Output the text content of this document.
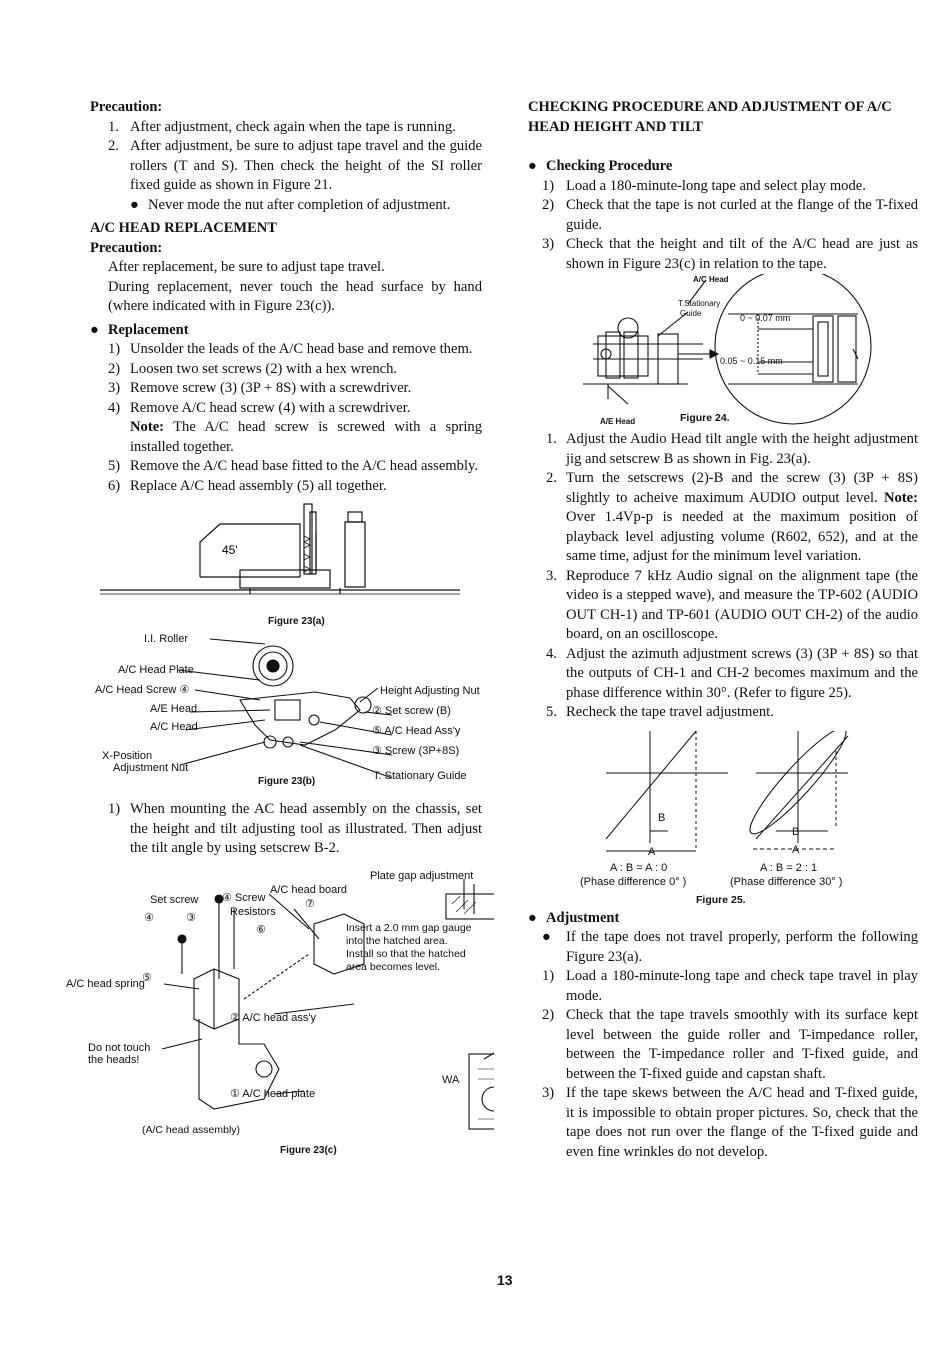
Precaution:

1. After adjustment, check again when the tape is running.
2. After adjustment, be sure to adjust tape travel and the guide rollers (T and S). Then check the height of the SI roller fixed guide as shown in Figure 21.
● Never mode the nut after completion of adjustment.

A/C HEAD REPLACEMENT

Precaution:

After replacement, be sure to adjust tape travel.

During replacement, never touch the head surface by hand (where indicated with in Figure 23(c)).

● Replacement
1) Unsolder the leads of the A/C head base and remove them.
2) Loosen two set screws (2) with a hex wrench.
3) Remove screw (3) (3P + 8S) with a screwdriver.
4) Remove A/C head screw (4) with a screwdriver.
Note: The A/C head screw is screwed with a spring installed together.
5) Remove the A/C head base fitted to the A/C head assembly.
6) Replace A/C head assembly (5) all together.
45'
Figure 23(a)
I.I. Roller
A/C Head Plate
A/C Head Screw ④
A/E Head
A/C Head
X-Position
Adjustment Nut
Height Adjusting Nut
② Set screw (B)
⑤ A/C Head Ass'y
③ Screw (3P+8S)
T. Stationary Guide
Figure 23(b)
1) When mounting the AC head assembly on the chassis, set the height and tilt adjusting tool as illustrated. Then adjust the tilt angle by using setscrew B-2.
A/C head board
Plate gap adjustment
Set screw ④ Screw
Resistors
⑦
④	③
⑥
⑤
Insert a 2.0 mm gap gauge
into the hatched area.
Install so that the hatched
area becomes level.
A/C head spring
② A/C head ass'y
Do not touch
the heads!
① A/C head plate
WA
(A/C head assembly)
Figure 23(c)

CHECKING PROCEDURE AND ADJUSTMENT OF A/C

HEAD HEIGHT AND TILT

● Checking Procedure
1) Load a 180-minute-long tape and select play mode.
2) Check that the tape is not curled at the flange of the T-fixed guide.
3) Check that the height and tilt of the A/C head are just as shown in Figure 23(c) in relation to the tape.
A/C Head
T.Stationary
Guide	0 ~ 0.07 mm
0.05 ~ 0.15 mm
A/E Head	Figure 24.
1. Adjust the Audio Head tilt angle with the height adjustment jig and setscrew B as shown in Fig. 23(a).
2. Turn the setscrews (2)-B and the screw (3) (3P + 8S) slightly to acheive maximum AUDIO output level. Note: Over 1.4Vp-p is needed at the maximum position of playback level adjusting volume (R602, 652), and at the same time, adjust for the minimum level variation.
3. Reproduce 7 kHz Audio signal on the alignment tape (the video is a stepped wave), and measure the TP-602 (AUDIO OUT CH-1) and TP-601 (AUDIO OUT CH-2) of the audio board, on an oscilloscope.
4. Adjust the azimuth adjustment screws (3) (3P + 8S) so that the outputs of CH-1 and CH-2 becomes maximum and the phase difference within 30°. (Refer to figure 25).
5. Recheck the tape travel adjustment.
B
A
B
A
A : B = A : 0
(Phase difference 0° )
A : B = 2 : 1
(Phase difference 30° )
Figure 25.
● Adjustment
● If the tape does not travel properly, perform the following Figure 23(a).
1) Load a 180-minute-long tape and check tape travel in play mode.
2) Check that the tape travels smoothly with its surface kept level between the guide roller and T-impedance roller, between the T-impedance roller and T-fixed guide, and between the T-fixed guide and capstan shaft.
3) If the tape skews between the A/C head and T-fixed guide, it is impossible to obtain proper pictures. So, check that the tape does not run over the flange of the T-fixed guide and even fine wrinkles do not develop.
13
